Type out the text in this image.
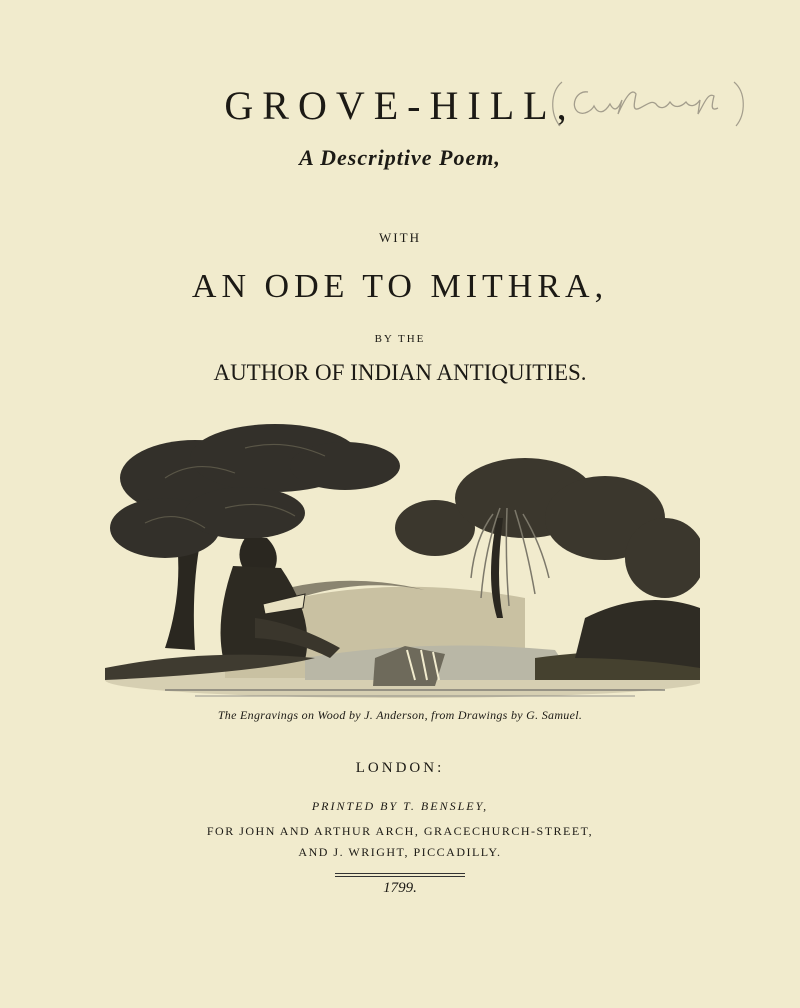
GROVE-HILL,
A Descriptive Poem,
WITH
AN ODE TO MITHRA,
BY THE
AUTHOR OF INDIAN ANTIQUITIES.
The Engravings on Wood by J. Anderson, from Drawings by G. Samuel.
LONDON:
PRINTED BY T. BENSLEY,
FOR JOHN AND ARTHUR ARCH, GRACECHURCH-STREET,
AND J. WRIGHT, PICCADILLY.
1799.
